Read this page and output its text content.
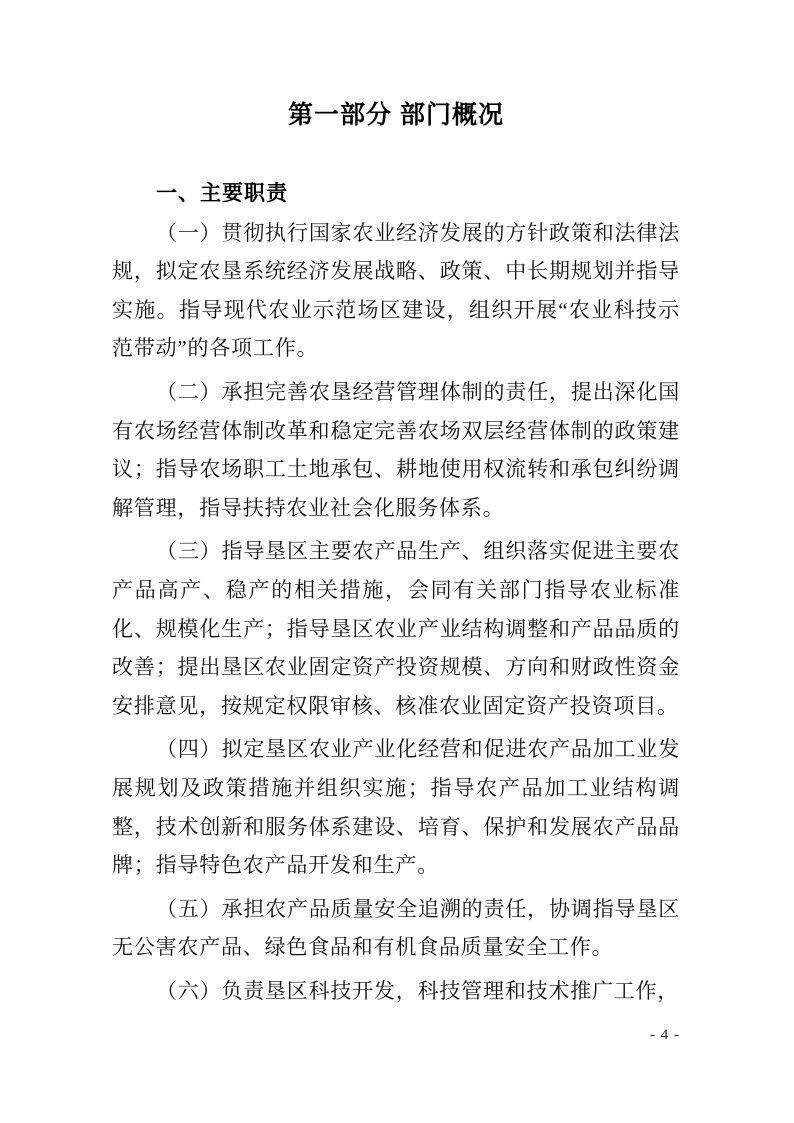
第一部分 部门概况
一、主要职责

（一）贯彻执行国家农业经济发展的方针政策和法律法规，拟定农垦系统经济发展战略、政策、中长期规划并指导实施。指导现代农业示范场区建设，组织开展“农业科技示范带动”的各项工作。

（二）承担完善农垦经营管理体制的责任，提出深化国有农场经营体制改革和稳定完善农场双层经营体制的政策建议；指导农场职工土地承包、耕地使用权流转和承包纠纷调解管理，指导扶持农业社会化服务体系。

（三）指导垦区主要农产品生产、组织落实促进主要农产品高产、稳产的相关措施，会同有关部门指导农业标准化、规模化生产；指导垦区农业产业结构调整和产品品质的改善；提出垦区农业固定资产投资规模、方向和财政性资金安排意见，按规定权限审核、核准农业固定资产投资项目。

（四）拟定垦区农业产业化经营和促进农产品加工业发展规划及政策措施并组织实施；指导农产品加工业结构调整，技术创新和服务体系建设、培育、保护和发展农产品品牌；指导特色农产品开发和生产。

（五）承担农产品质量安全追溯的责任，协调指导垦区无公害农产品、绿色食品和有机食品质量安全工作。

（六）负责垦区科技开发，科技管理和技术推广工作，

- 4 -
